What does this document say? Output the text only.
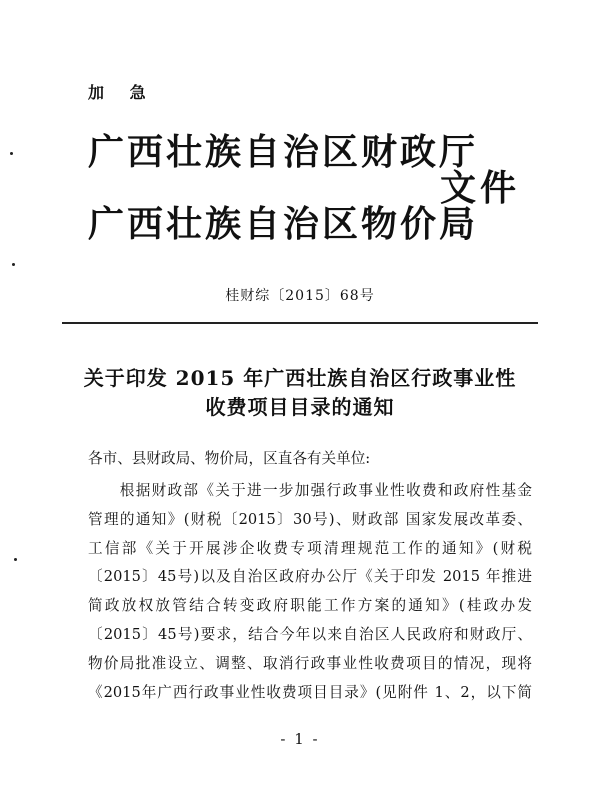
加 急
广西壮族自治区财政厅
广西壮族自治区物价局
文件
桂财综〔2015〕68号
关于印发 2015 年广西壮族自治区行政事业性
收费项目目录的通知
各市、县财政局、物价局，区直各有关单位:
　　根据财政部《关于进一步加强行政事业性收费和政府性基金
管理的通知》(财税〔2015〕30号)、财政部 国家发展改革委、
工信部《关于开展涉企收费专项清理规范工作的通知》(财税
〔2015〕45号)以及自治区政府办公厅《关于印发 2015 年推进
简政放权放管结合转变政府职能工作方案的通知》(桂政办发
〔2015〕45号)要求，结合今年以来自治区人民政府和财政厅、
物价局批准设立、调整、取消行政事业性收费项目的情况，现将
《2015年广西行政事业性收费项目目录》(见附件 1、2，以下简
- 1 -
